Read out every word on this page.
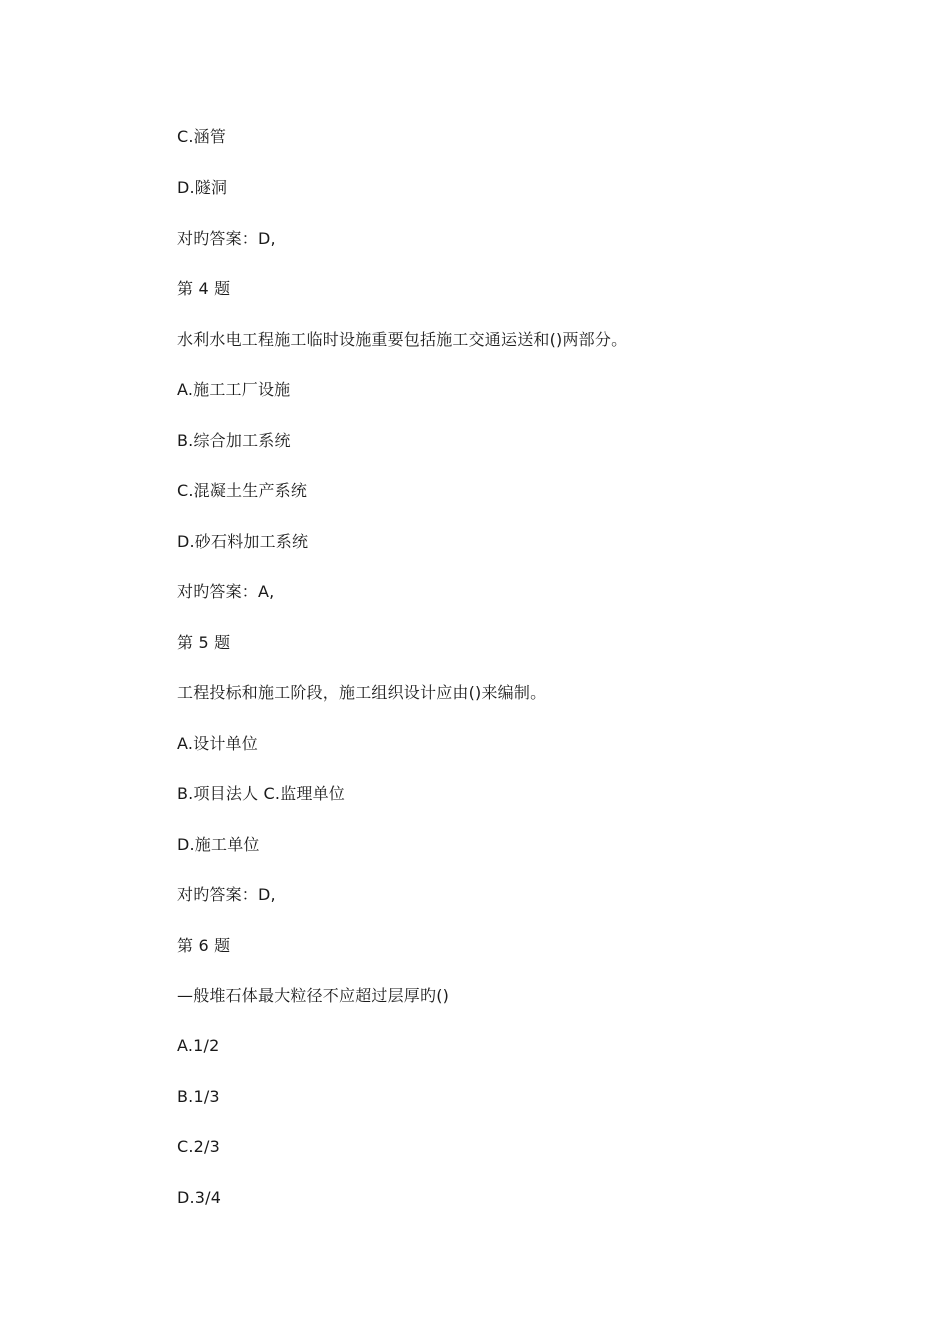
C.涵管
D.隧洞
对旳答案：D,
第 4 题
水利水电工程施工临时设施重要包括施工交通运送和()两部分。
A.施工工厂设施
B.综合加工系统
C.混凝土生产系统
D.砂石料加工系统
对旳答案：A,
第 5 题
工程投标和施工阶段，施工组织设计应由()来编制。
A.设计单位
B.项目法人 C.监理单位
D.施工单位
对旳答案：D,
第 6 题
—般堆石体最大粒径不应超过层厚旳()
A.1/2
B.1/3
C.2/3
D.3/4
